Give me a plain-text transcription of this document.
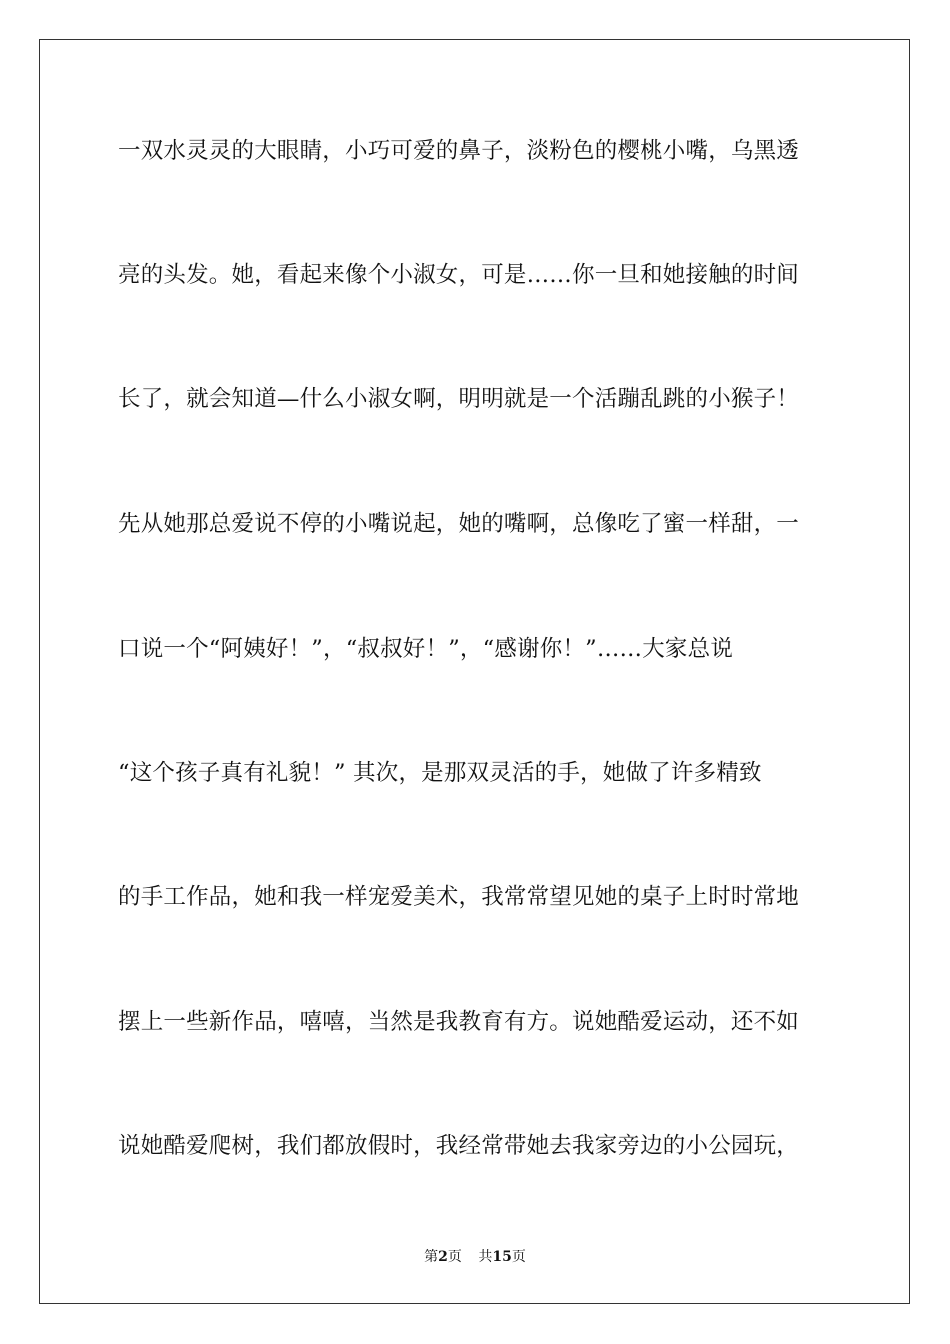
一双水灵灵的大眼睛，小巧可爱的鼻子，淡粉色的樱桃小嘴，乌黑透
亮的头发。她，看起来像个小淑女，可是……你一旦和她接触的时间
长了，就会知道—什么小淑女啊，明明就是一个活蹦乱跳的小猴子！
先从她那总爱说不停的小嘴说起，她的嘴啊，总像吃了蜜一样甜，一
口说一个“阿姨好！”，“叔叔好！”，“感谢你！”……大家总说
“这个孩子真有礼貌！” 其次，是那双灵活的手，她做了许多精致
的手工作品，她和我一样宠爱美术，我常常望见她的桌子上时时常地
摆上一些新作品，嘻嘻，当然是我教育有方。说她酷爱运动，还不如
说她酷爱爬树，我们都放假时，我经常带她去我家旁边的小公园玩，
第2页 共15页
